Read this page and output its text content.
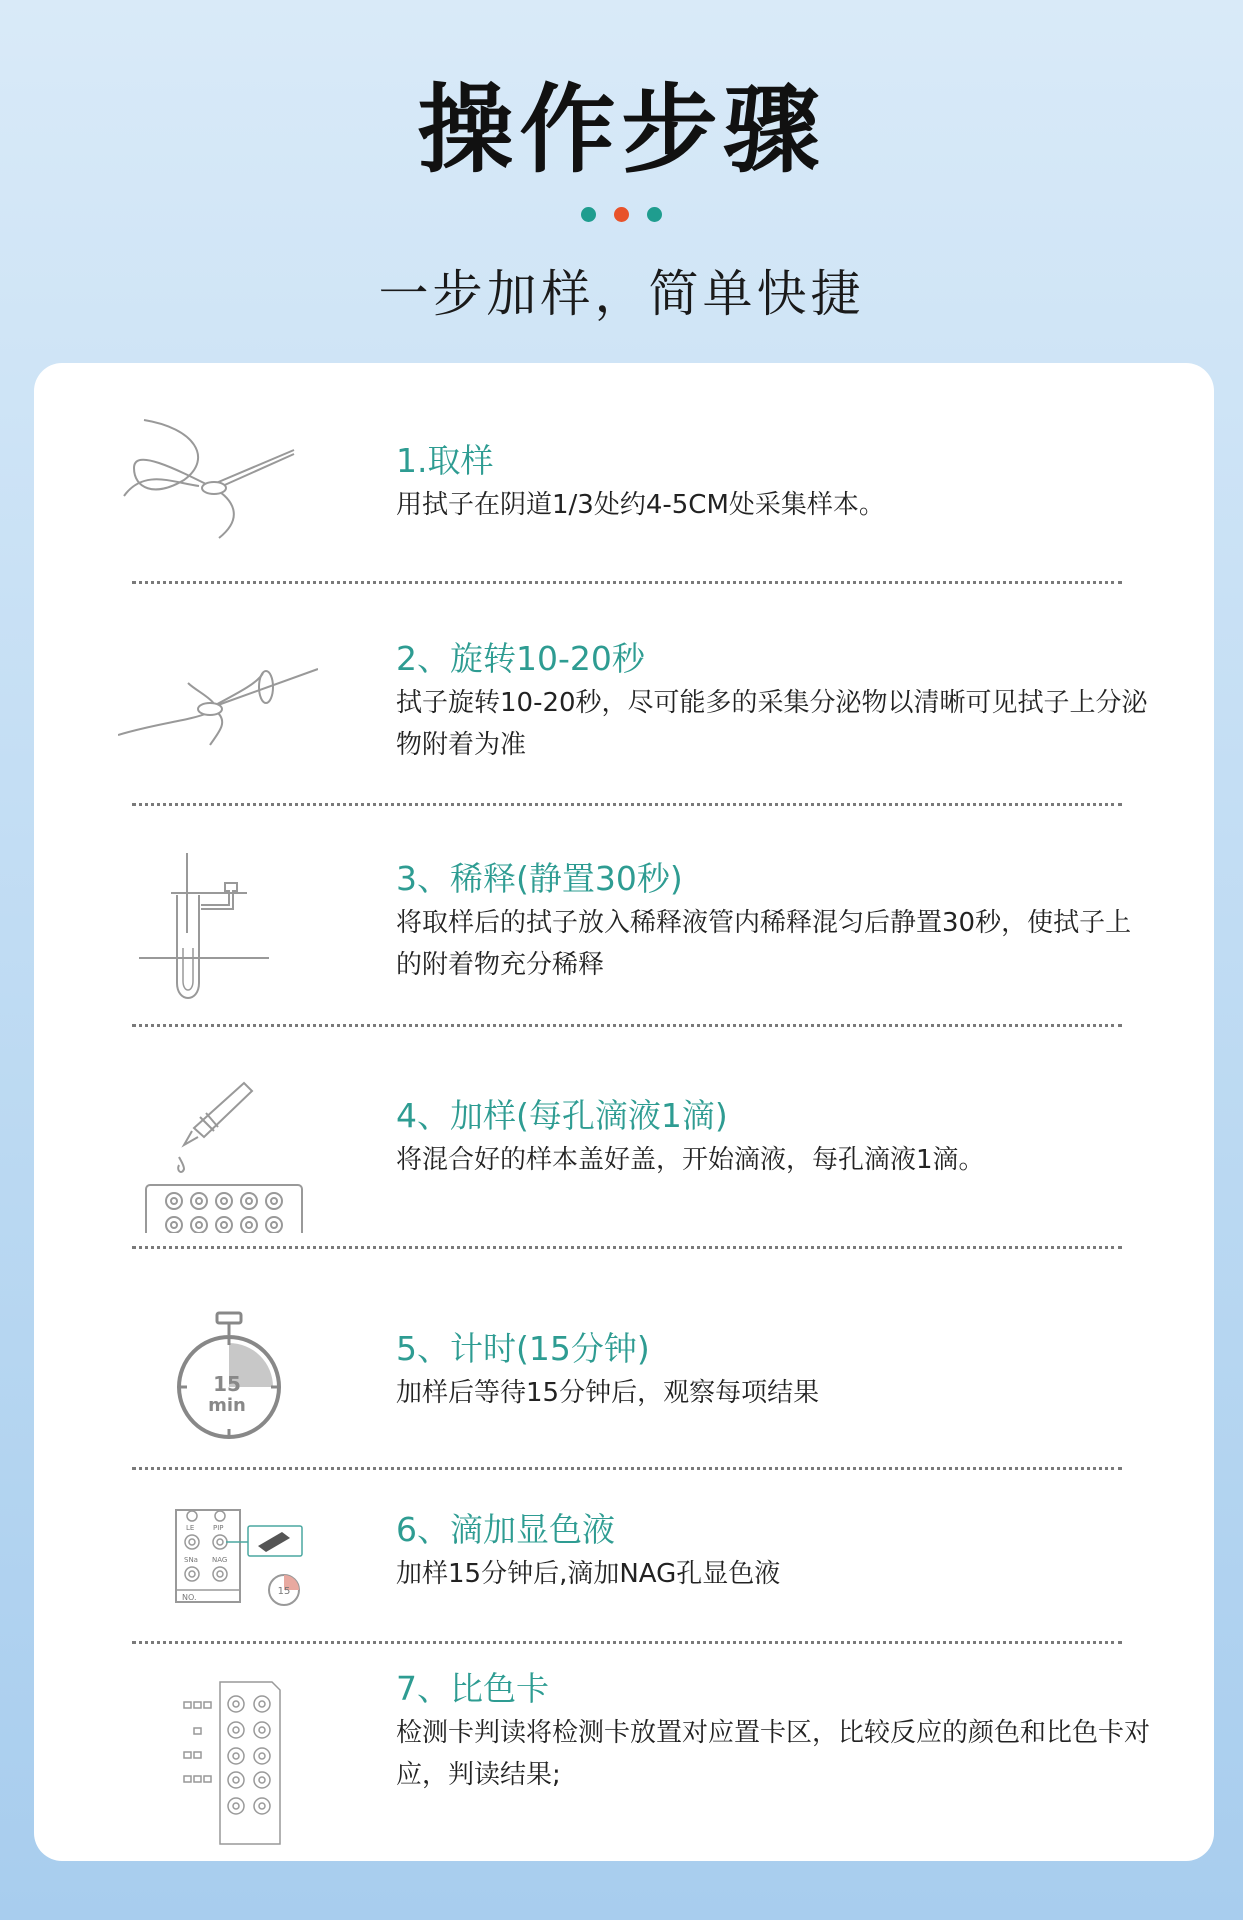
操作步骤
一步加样，简单快捷
1.取样
用拭子在阴道1/3处约4-5CM处采集样本。
2、旋转10-20秒
拭子旋转10-20秒，尽可能多的采集分泌物以清晰可见拭子上分泌物附着为准
3、稀释(静置30秒)
将取样后的拭子放入稀释液管内稀释混匀后静置30秒，使拭子上的附着物充分稀释
4、加样(每孔滴液1滴)
将混合好的样本盖好盖，开始滴液，每孔滴液1滴。
15
min
5、计时(15分钟)
加样后等待15分钟后，观察每项结果
LE	PIP
SNa NAG
NO.
15
6、滴加显色液
加样15分钟后,滴加NAG孔显色液
7、比色卡
检测卡判读将检测卡放置对应置卡区，比较反应的颜色和比色卡对应，判读结果;
